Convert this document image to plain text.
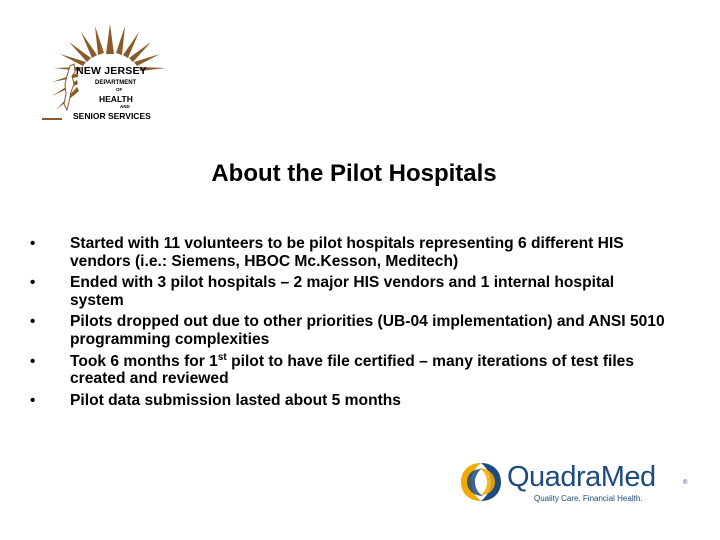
NEW JERSEY
DEPARTMENT
OF
HEALTH
AND
SENIOR SERVICES
About the Pilot Hospitals
•	Started with 11 volunteers to be pilot hospitals representing 6 different HIS vendors (i.e.: Siemens, HBOC Mc.Kesson, Meditech)
•	Ended with 3 pilot hospitals – 2 major HIS vendors and 1 internal hospital system
•	Pilots dropped out due to other priorities (UB-04 implementation) and ANSI 5010 programming complexities
•	Took 6 months for 1st pilot to have file certified – many iterations of test files created and reviewed
•	Pilot data submission lasted about 5 months
QuadraMed	®
Quality Care. Financial Health.
